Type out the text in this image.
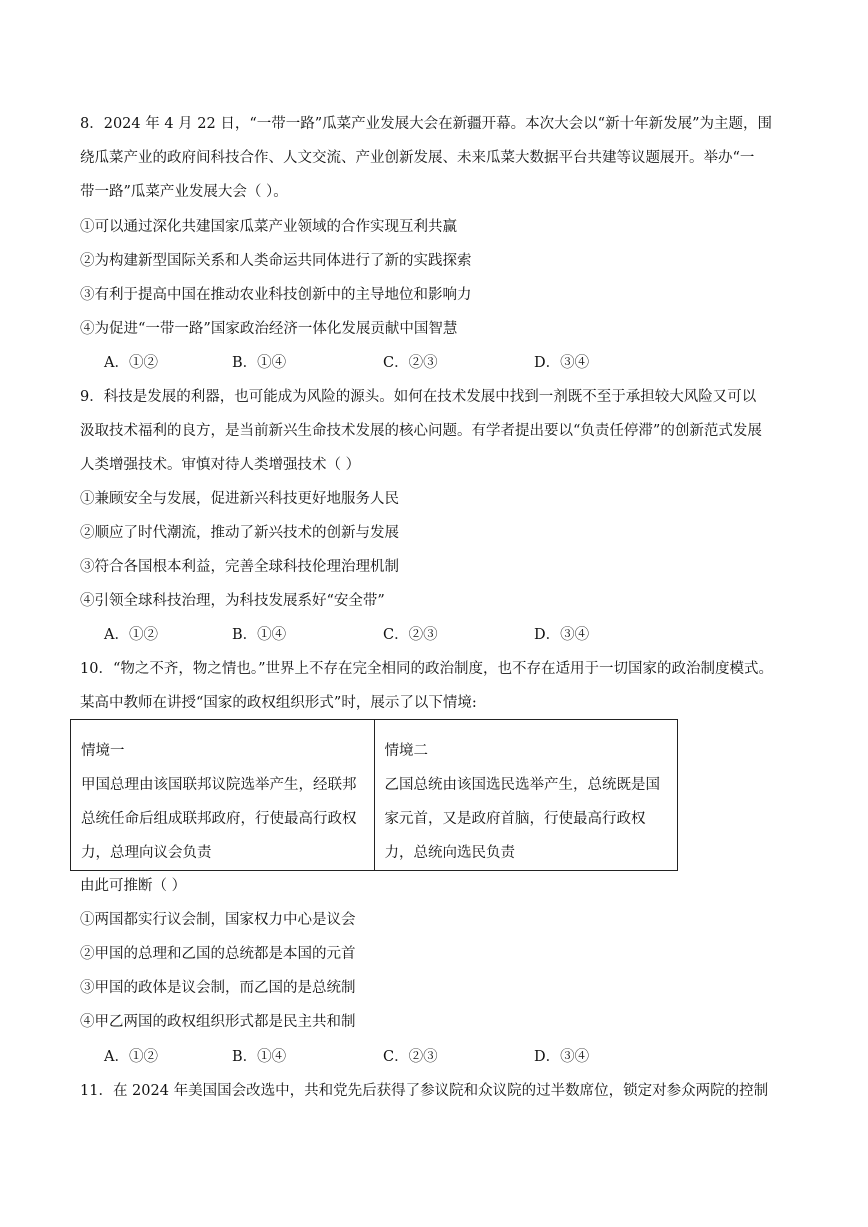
8．2024 年 4 月 22 日，“一带一路”瓜菜产业发展大会在新疆开幕。本次大会以“新十年新发展”为主题，围
绕瓜菜产业的政府间科技合作、人文交流、产业创新发展、未来瓜菜大数据平台共建等议题展开。举办“一
带一路”瓜菜产业发展大会（ ）。
①可以通过深化共建国家瓜菜产业领域的合作实现互利共赢
②为构建新型国际关系和人类命运共同体进行了新的实践探索
③有利于提高中国在推动农业科技创新中的主导地位和影响力
④为促进“一带一路”国家政治经济一体化发展贡献中国智慧
A．①②	B．①④	C．②③	D．③④
9．科技是发展的利器，也可能成为风险的源头。如何在技术发展中找到一剂既不至于承担较大风险又可以
汲取技术福利的良方，是当前新兴生命技术发展的核心问题。有学者提出要以“负责任停滞”的创新范式发展
人类增强技术。审慎对待人类增强技术（ ）
①兼顾安全与发展，促进新兴科技更好地服务人民
②顺应了时代潮流，推动了新兴技术的创新与发展
③符合各国根本利益，完善全球科技伦理治理机制
④引领全球科技治理，为科技发展系好“安全带”
A．①②	B．①④	C．②③	D．③④
10．“物之不齐，物之情也。”世界上不存在完全相同的政治制度，也不存在适用于一切国家的政治制度模式。
某高中教师在讲授“国家的政权组织形式”时，展示了以下情境:
情境一
甲国总理由该国联邦议院选举产生，经联邦总统任命后组成联邦政府，行使最高行政权力，总理向议会负责	
情境二
乙国总统由该国选民选举产生，总统既是国家元首，又是政府首脑，行使最高行政权力，总统向选民负责
由此可推断（ ）
①两国都实行议会制，国家权力中心是议会
②甲国的总理和乙国的总统都是本国的元首
③甲国的政体是议会制，而乙国的是总统制
④甲乙两国的政权组织形式都是民主共和制
A．①②	B．①④	C．②③	D．③④
11．在 2024 年美国国会改选中，共和党先后获得了参议院和众议院的过半数席位，锁定对参众两院的控制
